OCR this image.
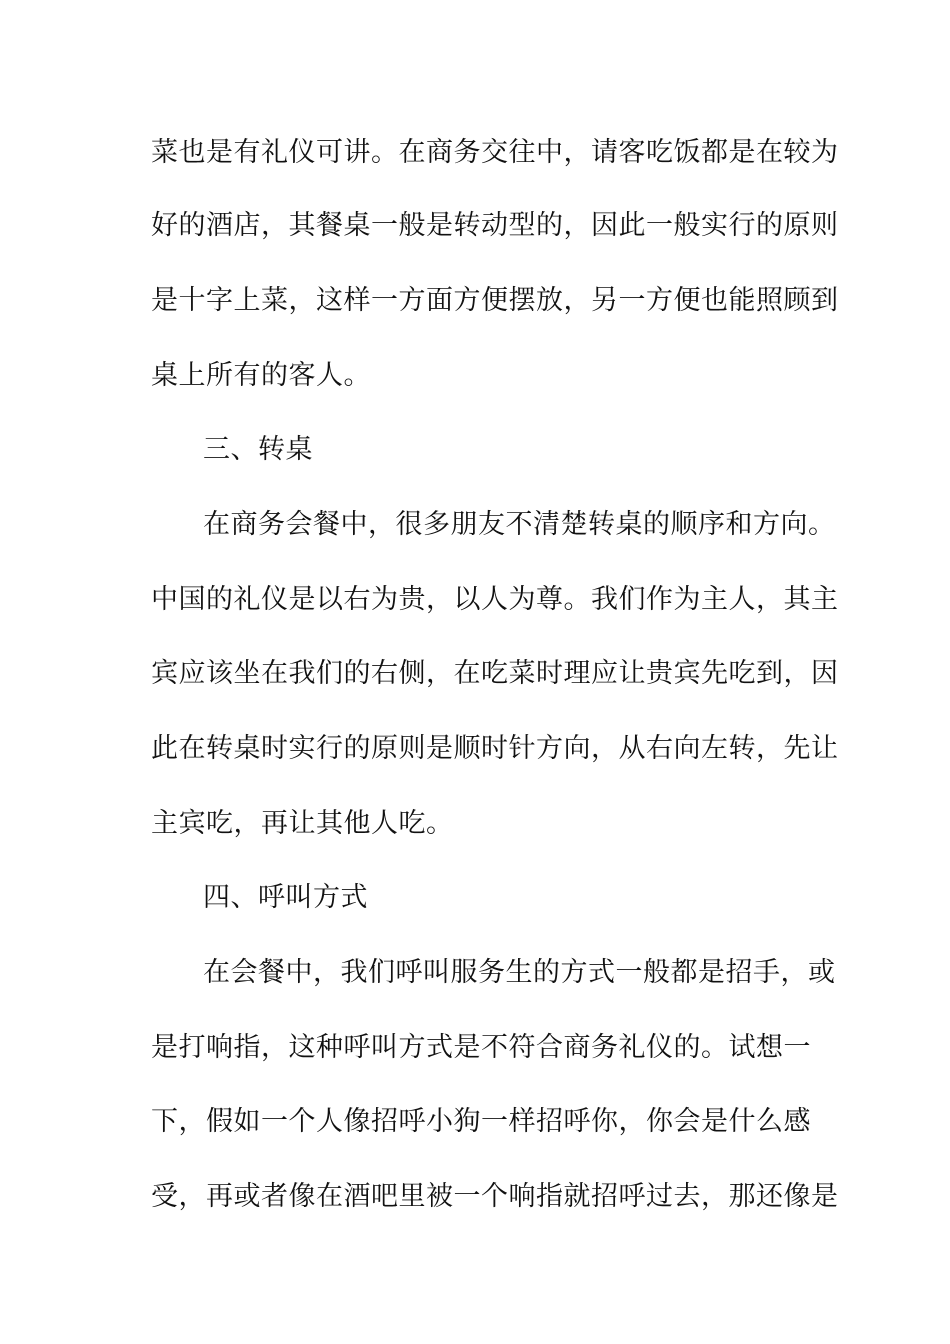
菜也是有礼仪可讲。在商务交往中，请客吃饭都是在较为
好的酒店，其餐桌一般是转动型的，因此一般实行的原则
是十字上菜，这样一方面方便摆放，另一方便也能照顾到
桌上所有的客人。
三、转桌
在商务会餐中，很多朋友不清楚转桌的顺序和方向。
中国的礼仪是以右为贵，以人为尊。我们作为主人，其主
宾应该坐在我们的右侧，在吃菜时理应让贵宾先吃到，因
此在转桌时实行的原则是顺时针方向，从右向左转，先让
主宾吃，再让其他人吃。
四、呼叫方式
在会餐中，我们呼叫服务生的方式一般都是招手，或
是打响指，这种呼叫方式是不符合商务礼仪的。试想一
下，假如一个人像招呼小狗一样招呼你，你会是什么感
受，再或者像在酒吧里被一个响指就招呼过去，那还像是
